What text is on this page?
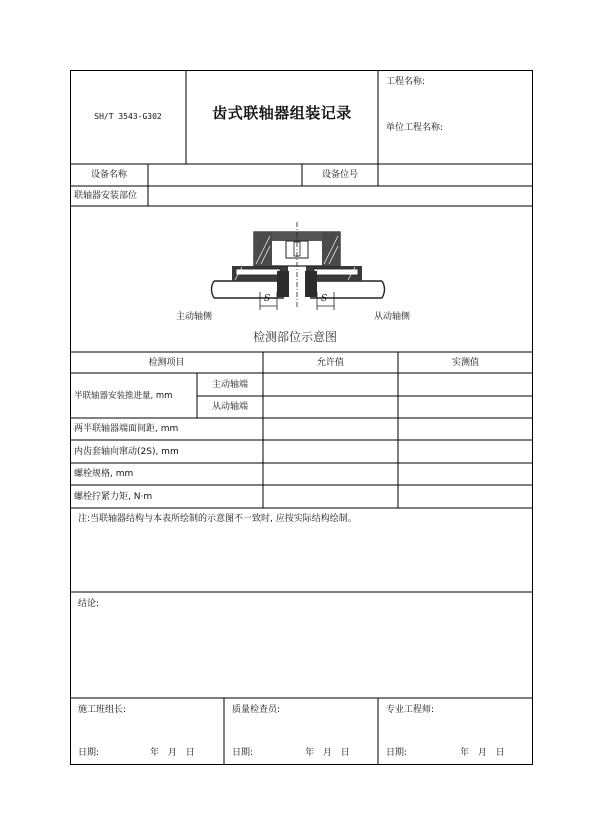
SH/T 3543-G302	齿式联轴器组装记录
工程名称:
单位工程名称:
设备名称	设备位号
联轴器安装部位
S	S
主动轴侧	从动轴侧
检测部位示意图
检测项目	允许值	实测值
半联轴器安装推进量, mm
主动轴端
从动轴端
两半联轴器端面间距, mm
内齿套轴向窜动(2S), mm
螺栓规格, mm
螺栓拧紧力矩, N·m
注:当联轴器结构与本表所绘制的示意图不一致时, 应按实际结构绘制。
结论:
施工班组长:	质量检查员:	专业工程师:
日期:	年 月 日	日期:	年 月 日	日期:	年 月 日
